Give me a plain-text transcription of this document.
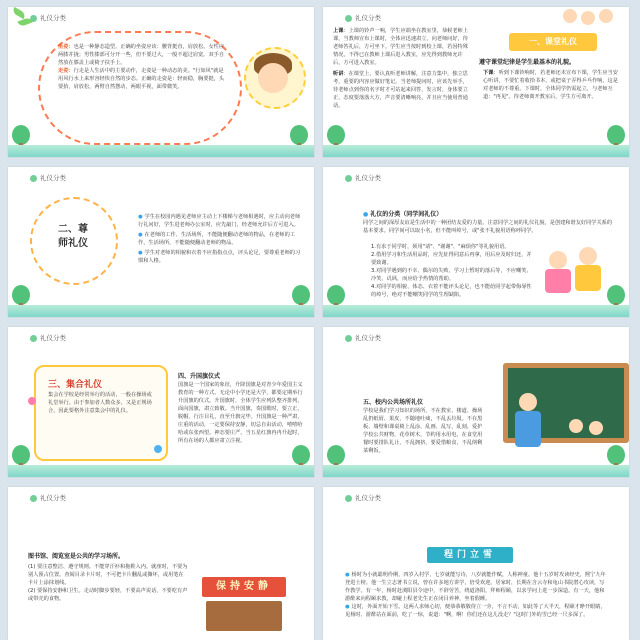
礼仪分类
坐姿：也是一种静态造型。正确的坐姿应该：腰背挺直，肩放松。女性应两膝并拢；男性膝部可分开一些，但不要过大，一般不超过肩宽。双手自然放在膝盖上或椅子扶手上。
走姿：行走是人生活中的主要动作，走姿是一种动态的美。"行如风"就是用风行水上来形容轻快自然的步态。正确的走姿是：轻而稳，胸要挺，头要抬，肩放松，两臂自然摆动，两眼平视，面带微笑。
礼仪分类
上课：上课的铃声一响，学生应端坐在教室里，恭候老师上课，当教师宣布上课时，全体应迅速肃立，向老师问好，待老师答礼后，方可坐下。学生应当按时到校上课，若因特殊情况，不得已在教师上课后进入教室，应先得到教师允许后，方可进入教室。
听讲：在课堂上，要认真听老师讲解，注意力集中，独立思考，重要的内容应做好笔记。当老师提问时，应该先举手，待老师点到你的名字时才可站起来回答，发言时，身体要立正，态度要落落大方，声音要清晰响亮，并且应当使用普通话。
一、课堂礼仪
遵守课堂纪律是学生最基本的礼貌。
下课：听到下课铃响时，若老师还未宣布下课，学生应当安心听讲，不要忙着收拾书本，或把桌子弄得乒乓作响，这是对老师的不尊重。下课时，全体同学仍需起立，与老师互道："再见"。待老师离开教室后，学生方可离开。
礼仪分类
二、尊
师礼仪
● 学生在校园内遇见老师应主动上下楼梯与老师相遇时，应主动向老师行礼问好，学生进老师办公室时，应先敲门，经老师允许后方可进入。
● 在老师的工作、生活场所，不能随便翻动老师的物品，在老师的工作，生活场所，不能随便翻动老师的物品。
● 学生对老师的相貌和衣着不应指指点点，评头论足，要尊重老师的习惯和人格。
礼仪分类
● 礼仪的分类（同学间礼仪）
同学之间的深厚友谊是生活中的一种团结友爱的力量。注意同学之间的礼仪礼貌，是创建和谐友好同学关系的基本要求。同学间可以取小名，但不能叫绰号，或"张不礼貌用语称呼同学。
1.有求于同学时，须用"请"、"谢谢"、"麻烦你"等礼貌用语。
2.借用学习和生活用品时，应先征得同意后再拿，用后应及时归还，并要致谢。
3.对同学遇到的不幸、偶尔的失败、学习上暂时的落后等，不应嘲笑、冷笑、讥讽，而应给予热情的帮助。
4.对同学的相貌、体态、衣着不能评头论足，也不能给同学起带侮辱性的绰号，绝对不能嘲笑同学的生理缺陷。
礼仪分类
三、集合礼仪
集会在学校是经常举行的活动，一般在操场或礼堂举行。由于参加者人数众多，又是正规场合，因此要格外注意集会中的礼仪。
四、升国旗仪式
国旗是一个国家的象征，升降国旗是对青少年爱国主义教育的一种方式。无论中小学还是大学，都要定期举行升国旗的仪式。升国旗时，全体学生应列队整齐排列，面向国旗，肃立致敬。当升国旗，奏国歌时，要立正，脱帽，行注目礼，直至升旗完毕。升国旗是一种严肃，庄重的活动，一定要保持安静，切忌自由活动，嘻嘻哈哈或东张西望。神态要庄严，当五星红旗冉冉升起时，所有在场的人都应肃立注视。
礼仪分类
五、校内公共场所礼仪
学校是我们学习知识的场所，不在教室、楼道、操场乱扔纸屑、果皮，不随地吐痰，不乱丢垃圾。不在黑板、墙壁和课桌椅上乱涂、乱画、乱写，乱刻。爱护学校公共财物，花草树木，节约用水用电，在食堂用餐时要排队礼让，不乱拥挤，要爱惜粮食，不乱倒剩菜剩饭。
礼仪分类
图书馆、阅览室是公共的学习场所。
(1) 要注意整洁、遵守规则。不能穿汗衫和拖鞋入内。就座时，不要为别人预占位置。查阅目录卡片时，不可把卡片翻乱或撕坏，或用笔在卡片上涂抹划线。
(2) 要保持安静和卫生。走动时脚步要轻，不要高声说话，不要吃有声或带壳的食物。
保持安静
礼仪分类
程门立雪
● 杨时为小就聪明伶俐，四岁入村学，七岁就能写诗，八岁就能作赋，人称神童。他十五岁时攻读经史，熙宁九年登进士榜。他一生立志著书立说，曾在许多地方讲学，倍受欢迎。居家时，长期在含云寺和龟山书院潜心攻读，写作教学。有一年，杨时赴浏阳县令途中，不辞劳苦，绕道洛阳，拜师程颐，以求学问上进一步深造。有一天，他和游酢来向程颐求教，却碰上程老先生正在闭目养神，坐着假睡。
● 这时，外面开始下雪。这两人求师心切，便恭恭敬敬侍立一旁，不言不动，如此等了大半天，程颐才睁开眼睛，见杨时、游酢站在面前，吃了一惊，说道："啊，啊！你们还在这儿没走？"这时门外的雪已经一尺多深了。
